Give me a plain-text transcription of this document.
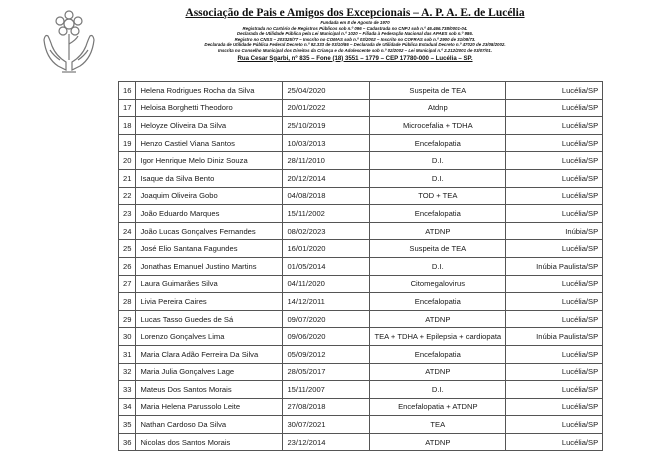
Associação de Pais e Amigos dos Excepcionais – A. P. A. E. de Lucélia
Fundada em 8 de Agosto de 1970
Registrada no Cartório de Registros Públicos sob n.º 096 – Cadastrada no CNPJ sob n.º 46.466.738/0001-04.
Declarada de Utilidade Pública pela Lei Municipal n.º 1020 – Filiada à Federação Nacional das APAES sob n.º 986.
Registro no CNSS – 203325/77 – Inscrito no COMAS sob n.º 03/2002 – Inscrito no COFRAS sob n.º 2900 de 31/08/73.
Declarada de Utilidade Pública Federal Decreto n.º 92.333 de 03/10/86 – Declarada de Utilidade Pública Estadual Decreto n.º 47020 de 23/08/2002.
Inscrita no Conselho Municipal dos Direitos da Criança e do Adolescente sob n.º 02/2002 – Lei Municipal n.º 2.212/2001 de 03/07/01.
Rua Cesar Sgarbi, nº 835 – Fone (18) 3551 – 1779 – CEP 17780-000 – Lucélia – SP.
16	Helena Rodrigues Rocha da Silva	25/04/2020	Suspeita de TEA	Lucélia/SP
17	Heloisa Borghetti Theodoro	20/01/2022	Atdnp	Lucélia/SP
18	Heloyze Oliveira Da Silva	25/10/2019	Microcefalia + TDHA	Lucélia/SP
19	Henzo Castiel Viana Santos	10/03/2013	Encefalopatia	Lucélia/SP
20	Igor Henrique Melo Diniz Souza	28/11/2010	D.I.	Lucélia/SP
21	Isaque da Silva Bento	20/12/2014	D.I.	Lucélia/SP
22	Joaquim Oliveira Gobo	04/08/2018	TOD + TEA	Lucélia/SP
23	João Eduardo Marques	15/11/2002	Encefalopatia	Lucélia/SP
24	João Lucas Gonçalves Fernandes	08/02/2023	ATDNP	Inúbia/SP
25	José Elio Santana Fagundes	16/01/2020	Suspeita de TEA	Lucélia/SP
26	Jonathas Emanuel Justino Martins	01/05/2014	D.I.	Inúbia Paulista/SP
27	Laura Guimarães Silva	04/11/2020	Citomegalovirus	Lucélia/SP
28	Livia Pereira Caires	14/12/2011	Encefalopatia	Lucélia/SP
29	Lucas Tasso Guedes de Sá	09/07/2020	ATDNP	Lucélia/SP
30	Lorenzo Gonçalves Lima	09/06/2020	TEA + TDHA + Epilepsia + cardiopata	Inúbia Paulista/SP
31	Maria Clara Adão Ferreira Da Silva	05/09/2012	Encefalopatia	Lucélia/SP
32	Maria Julia Gonçalves Lage	28/05/2017	ATDNP	Lucélia/SP
33	Mateus Dos Santos Morais	15/11/2007	D.I.	Lucélia/SP
34	Maria Helena Parussolo Leite	27/08/2018	Encefalopatia + ATDNP	Lucélia/SP
35	Nathan Cardoso Da Silva	30/07/2021	TEA	Lucélia/SP
36	Nicolas dos Santos Morais	23/12/2014	ATDNP	Lucélia/SP
